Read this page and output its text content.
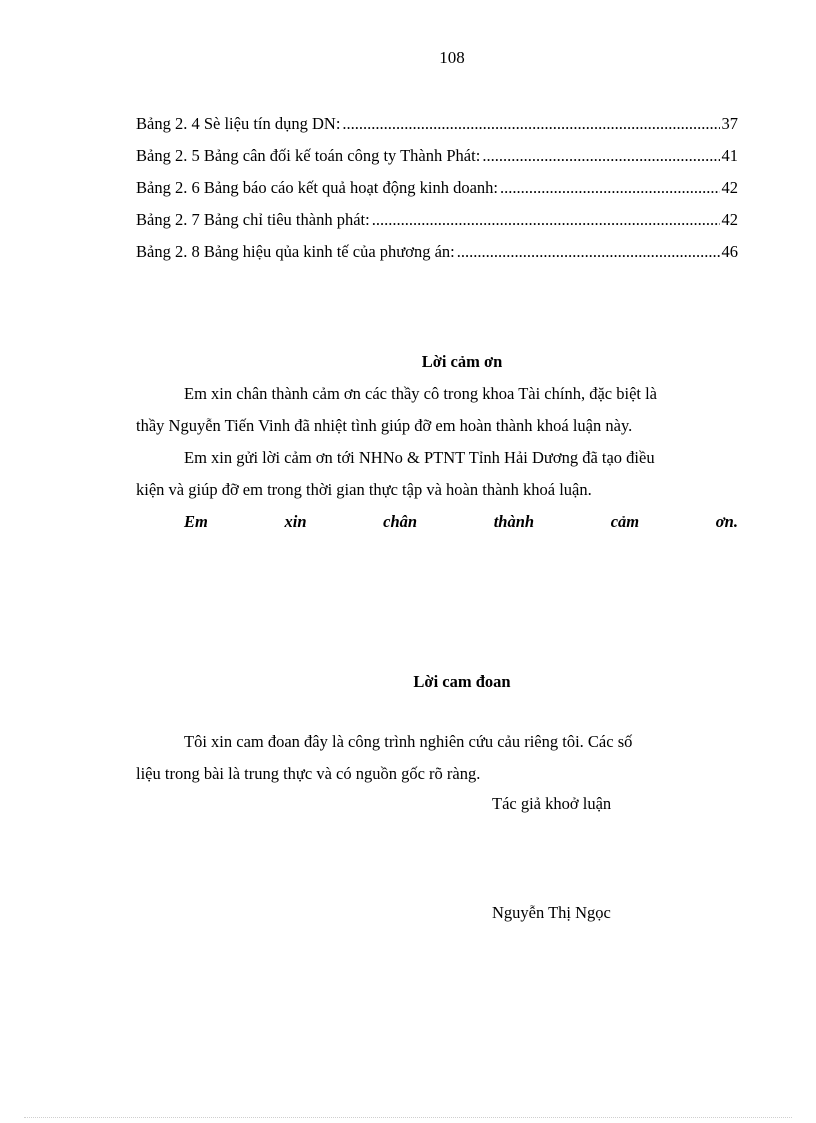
108
Bảng 2. 4 Sè liệu tín dụng DN: .....	37
Bảng 2. 5 Bảng cân đối kế toán công ty Thành Phát: .....	41
Bảng 2. 6 Bảng báo cáo kết quả hoạt động kinh doanh: .....	42
Bảng 2. 7 Bảng chỉ tiêu thành phát: .....	42
Bảng 2. 8 Bảng hiệu qủa kinh tế của phương án: .....	46
Lời cảm ơn
Em xin chân thành cảm ơn các thầy cô trong khoa Tài chính, đặc biệt là
thầy Nguyễn Tiến Vinh đã nhiệt tình giúp đỡ em hoàn thành khoá luận này.
Em xin gửi lời cảm ơn tới NHNo & PTNT Tỉnh Hải Dương đã tạo điều
kiện và giúp đỡ em trong thời gian thực tập và hoàn thành khoá luận.
Em	xin	chân	thành	cảm	ơn.
Lời cam đoan
Tôi xin cam đoan đây là công trình nghiên cứu cảu riêng tôi. Các số
liệu trong bài là trung thực và có nguồn gốc rõ ràng.
Tác giả khoở luận
Nguyễn Thị Ngọc
